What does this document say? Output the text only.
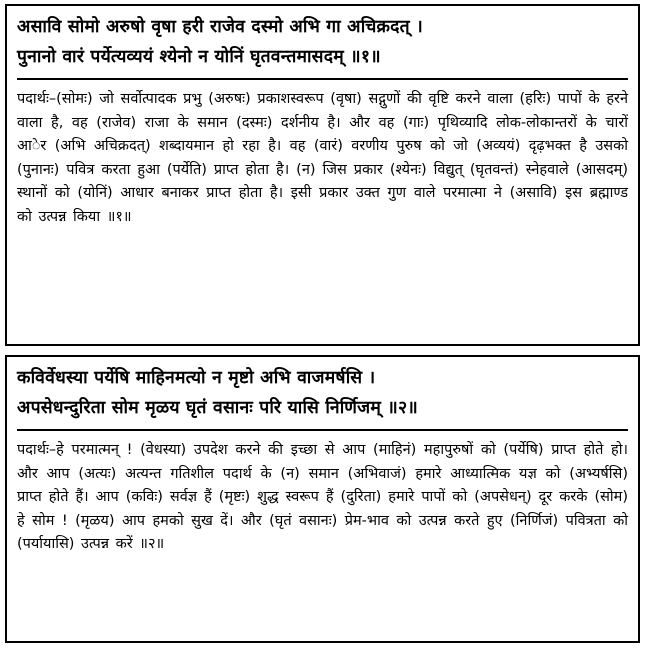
असावि सोमाे अरुषाे वृषा हरी राजेव दस्माे अभि गा अचिक्रदत् ।
पुनानाे वारं पर्येत्यव्ययं श्येनाे न याेनिं घृतवन्तमासदम् ॥१॥

पदार्थः–(साेमः) जाे सर्वाेत्पादक प्रभु (अरुषः) प्रकाशस्वरूप (वृषा) सद्गुणाें की वृष्टि करने वाला (हरिः) पापाें के हरने वाला है, वह (राजेव) राजा के समान (दस्मः) दर्शनीय है। और वह (गाः) पृथिव्यादि लाेक-लाेकान्तराें के चाराें आेर (अभि अचिक्रदत्) शब्दायमान हाे रहा है। वह (वारं) वरणीय पुरुष काे जाे (अव्ययं) दृढ़भक्त है उसकाे (पुनानः) पवित्र करता हुआ (पर्येति) प्राप्त हाेता है। (न) जिस प्रकार (श्येनः) विद्युत् (घृतवन्तं) स्नेहवाले (आसदम्) स्थानाें काे (याेनिं) आधार बनाकर प्राप्त हाेता है। इसी प्रकार उक्त गुण वाले परमात्मा ने (असावि) इस ब्रह्माण्ड काे उत्पन्न किया ॥१॥

कविर्वेधस्या पर्येषि माहिनमत्याे न मृष्टाे अभि वाजमर्षसि ।
अपसेधन्दुरिता साेम मृळय घृतं वसानः परि यासि निर्णिजम् ॥२॥

पदार्थः–हे परमात्मन् ! (वेधस्या) उपदेश करने की इच्छा से आप (माहिनं) महापुरुषाें काे (पर्येषि) प्राप्त हाेते हाे। और आप (अत्यः) अत्यन्त गतिशील पदार्थ के (न) समान (अभिवाजं) हमारे आध्यात्मिक यज्ञ काे (अभ्यर्षसि) प्राप्त हाेते हैं। आप (कविः) सर्वज्ञ हैं (मृष्टः) शुद्ध स्वरूप हैं (दुरिता) हमारे पापाें काे (अपसेधन्) दूर करके (साेम) हे साेम ! (मृळय) आप हमकाे सुख दें। और (घृतं वसानः) प्रेम-भाव काे उत्पन्न करते हुए (निर्णिजं) पवित्रता काे (पर्यायासि) उत्पन्न करें ॥२॥
